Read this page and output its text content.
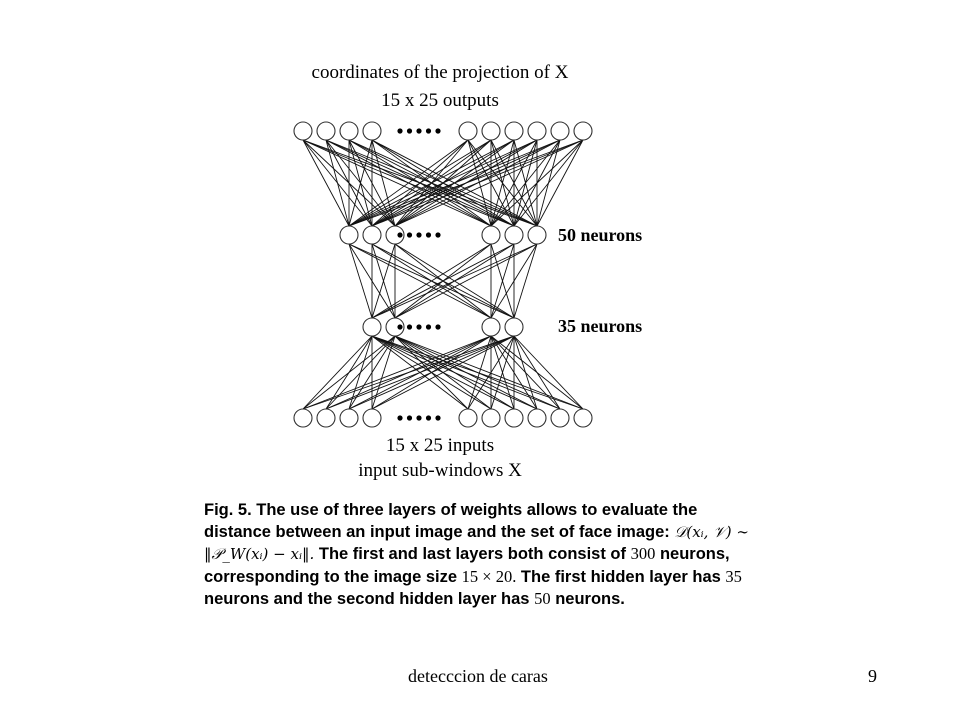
coordinates of the projection of X
15 x 25 outputs
50 neurons
35 neurons
15 x 25 inputs
input sub-windows X

Fig. 5. The use of three layers of weights allows to evaluate the distance between an input image and the set of face image: 𝒟(xᵢ, 𝒱) ∼ ‖𝒫_W(xᵢ) − xᵢ‖. The first and last layers both consist of 300 neurons, corresponding to the image size 15 × 20. The first hidden layer has 35 neurons and the second hidden layer has 50 neurons.

detecccion de caras	9
